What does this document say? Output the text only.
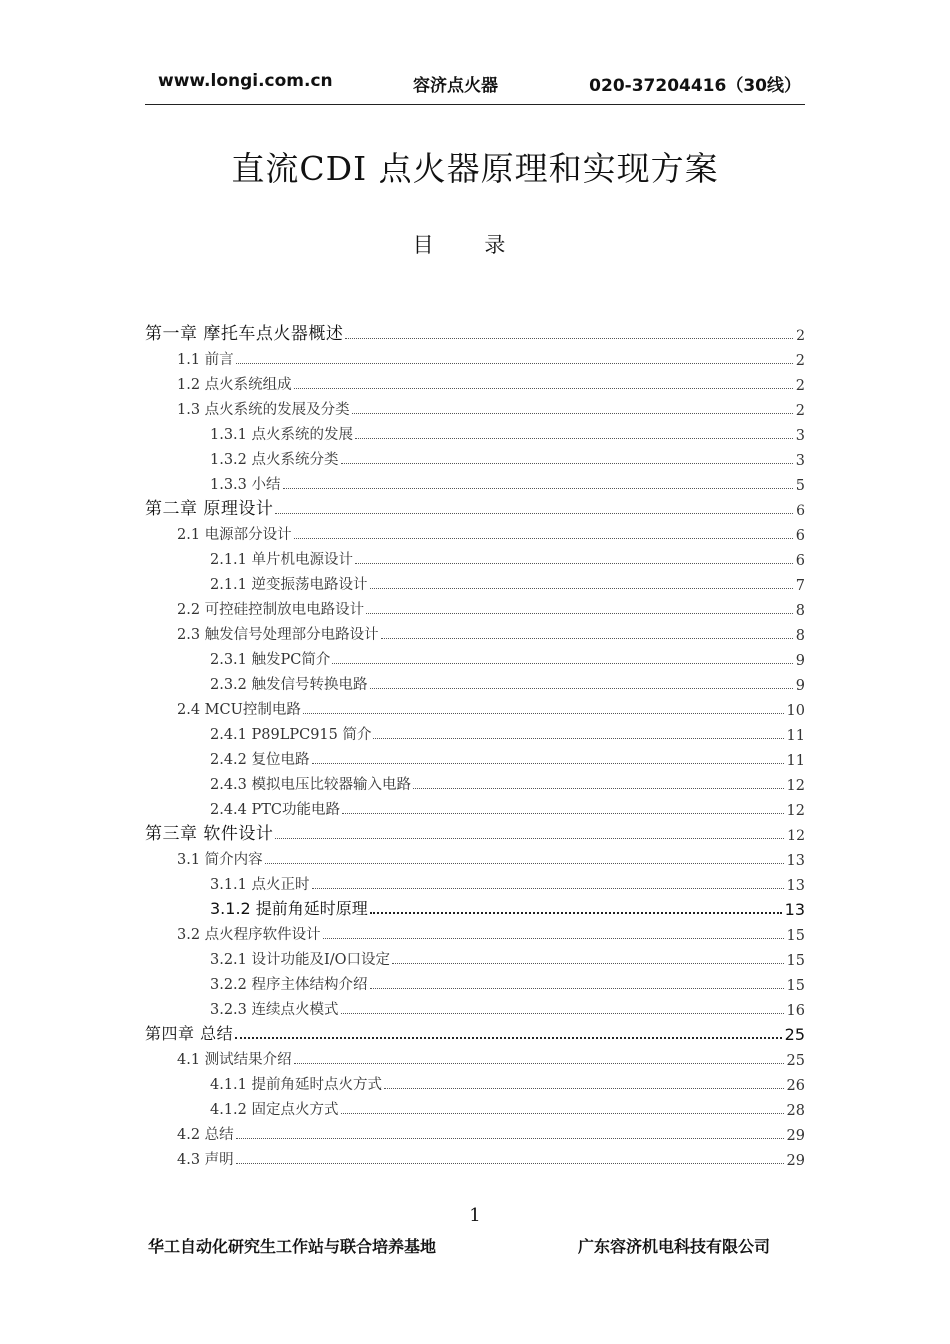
www.longi.com.cn	容济点火器	020-37204416（30线）
直流CDI 点火器原理和实现方案
目 录
第一章 摩托车点火器概述	2
1.1 前言	2
1.2 点火系统组成	2
1.3 点火系统的发展及分类	2
1.3.1 点火系统的发展	3
1.3.2 点火系统分类	3
1.3.3 小结	5
第二章 原理设计	6
2.1 电源部分设计	6
2.1.1 单片机电源设计	6
2.1.1 逆变振荡电路设计	7
2.2 可控硅控制放电电路设计	8
2.3 触发信号处理部分电路设计	8
2.3.1 触发PC简介	9
2.3.2 触发信号转换电路	9
2.4 MCU控制电路	10
2.4.1 P89LPC915 简介	11
2.4.2 复位电路	11
2.4.3 模拟电压比较器输入电路	12
2.4.4 PTC功能电路	12
第三章 软件设计	12
3.1 简介内容	13
3.1.1 点火正时	13
3.1.2 提前角延时原理	13
3.2 点火程序软件设计	15
3.2.1 设计功能及I/O口设定	15
3.2.2 程序主体结构介绍	15
3.2.3 连续点火模式	16
第四章 总结	25
4.1 测试结果介绍	25
4.1.1 提前角延时点火方式	26
4.1.2 固定点火方式	28
4.2 总结	29
4.3 声明	29
1
华工自动化研究生工作站与联合培养基地	广东容济机电科技有限公司
